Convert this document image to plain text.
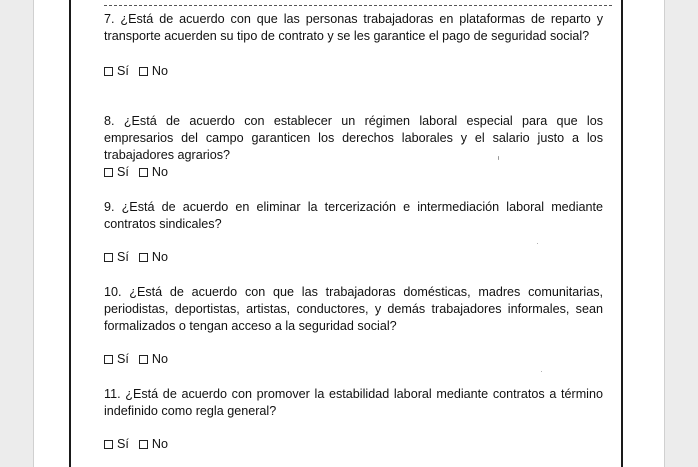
7. ¿Está de acuerdo con que las personas trabajadoras en plataformas de reparto y transporte acuerden su tipo de contrato y se les garantice el pago de seguridad social?
Sí No
8. ¿Está de acuerdo con establecer un régimen laboral especial para que los empresarios del campo garanticen los derechos laborales y el salario justo a los trabajadores agrarios?
Sí No
9. ¿Está de acuerdo en eliminar la tercerización e intermediación laboral mediante contratos sindicales?
Sí No
10. ¿Está de acuerdo con que las trabajadoras domésticas, madres comunitarias, periodistas, deportistas, artistas, conductores, y demás trabajadores informales, sean formalizados o tengan acceso a la seguridad social?
Sí No
11. ¿Está de acuerdo con promover la estabilidad laboral mediante contratos a término indefinido como regla general?
Sí No
